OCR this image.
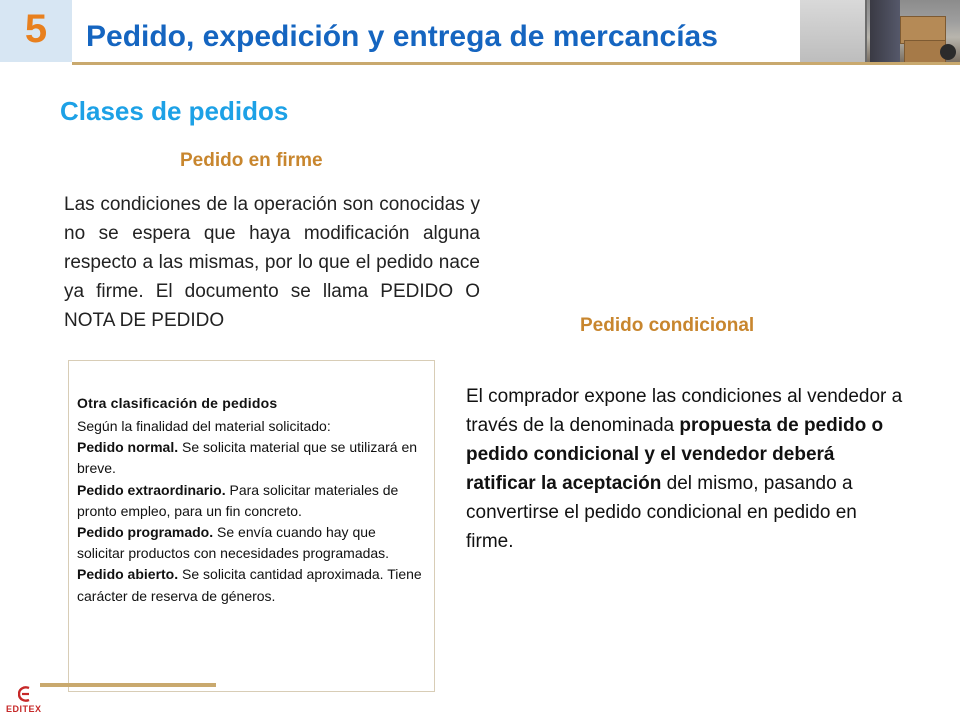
5 Pedido, expedición y entrega de mercancías
Clases de pedidos
Pedido en firme

Las condiciones de la operación son conocidas y no se espera que haya modificación alguna respecto a las mismas, por lo que el pedido nace ya firme. El documento se llama PEDIDO O NOTA DE PEDIDO	Pedido condicional

El comprador expone las condiciones al vendedor a través de la denominada propuesta de pedido o pedido condicional y el vendedor deberá ratificar la aceptación del mismo, pasando a convertirse el pedido condicional en pedido en firme.

Otra clasificación de pedidos

Según la finalidad del material solicitado:

Pedido normal. Se solicita material que se utilizará en breve.

Pedido extraordinario. Para solicitar materiales de pronto empleo, para un fin concreto.

Pedido programado. Se envía cuando hay que solicitar productos con necesidades programadas.

Pedido abierto. Se solicita cantidad aproximada. Tiene carácter de reserva de géneros.

EDITEX
